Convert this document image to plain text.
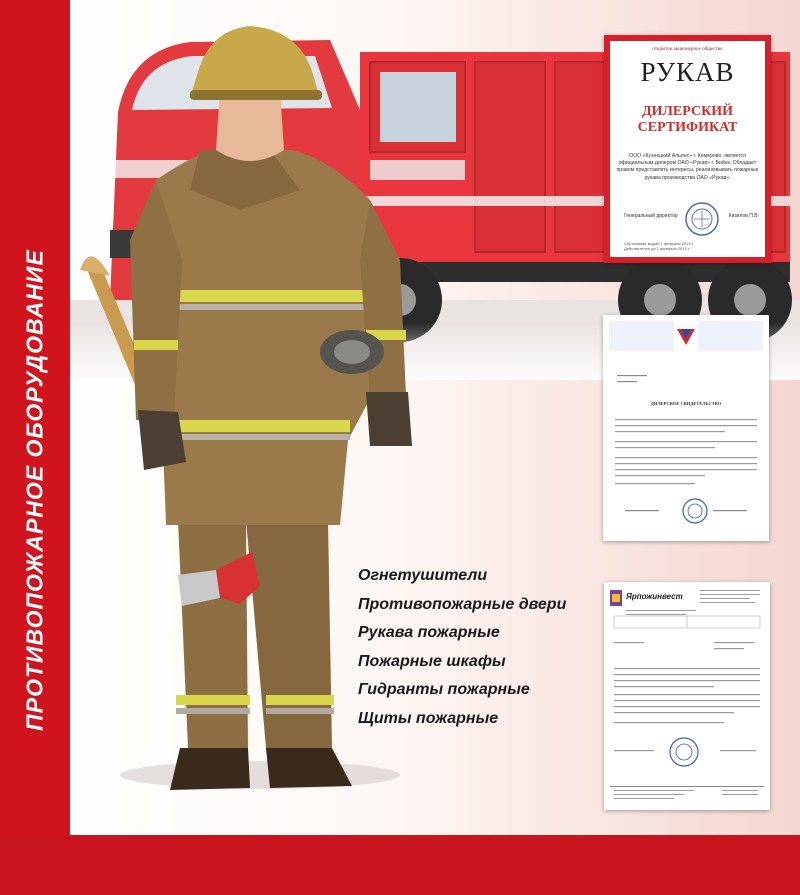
ПРОТИВОПОЖАРНОЕ ОБОРУДОВАНИЕ	Огнетушители
Противопожарные двери
Рукава пожарные
Пожарные шкафы
Гидранты пожарные
Щиты пожарные
открытое акционерное общество
РУКАВ
ДИЛЕРСКИЙ
СЕРТИФИКАТ
ООО «Кузнецкий Альянс» г. Кемерово, является официальным дилером ОАО «Рукав» г. Бийск. Обладает правом представлять интересы, реализовывать пожарные рукава производства ОАО «Рукав».
Генеральный директор	Кизилов П.В.
Сертификат выдан 1 февраля 2013 г.
Действителен до 1 февраля 2015 г.
ДИЛЕРСКОЕ СВИДЕТЕЛЬСТВО
Ярпожинвест
